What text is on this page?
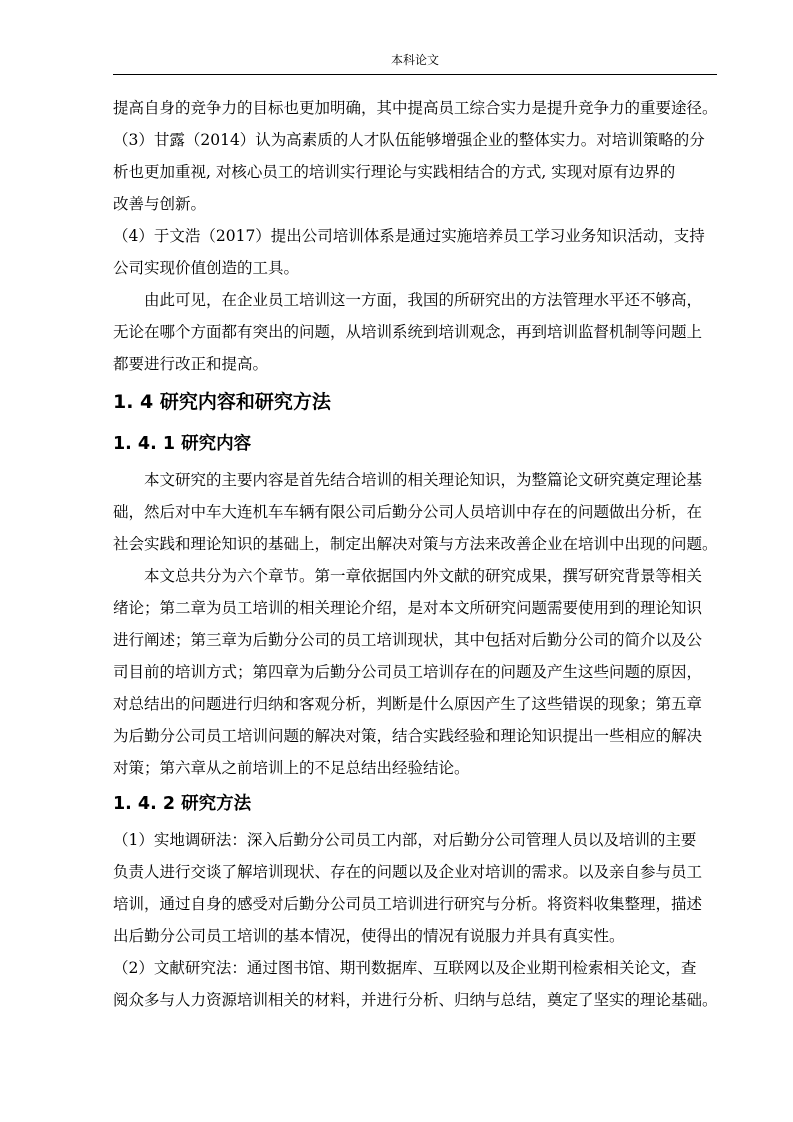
本科论文
提高自身的竞争力的目标也更加明确，其中提高员工综合实力是提升竞争力的重要途径。
（3）甘露（2014）认为高素质的人才队伍能够增强企业的整体实力。对培训策略的分
析也更加重视, 对核心员工的培训实行理论与实践相结合的方式, 实现对原有边界的
改善与创新。
（4）于文浩（2017）提出公司培训体系是通过实施培养员工学习业务知识活动，支持
公司实现价值创造的工具。
由此可见，在企业员工培训这一方面，我国的所研究出的方法管理水平还不够高，
无论在哪个方面都有突出的问题，从培训系统到培训观念，再到培训监督机制等问题上
都要进行改正和提高。
1. 4 研究内容和研究方法
1. 4. 1 研究内容
本文研究的主要内容是首先结合培训的相关理论知识，为整篇论文研究奠定理论基
础，然后对中车大连机车车辆有限公司后勤分公司人员培训中存在的问题做出分析，在
社会实践和理论知识的基础上，制定出解决对策与方法来改善企业在培训中出现的问题。
本文总共分为六个章节。第一章依据国内外文献的研究成果，撰写研究背景等相关
绪论；第二章为员工培训的相关理论介绍，是对本文所研究问题需要使用到的理论知识
进行阐述；第三章为后勤分公司的员工培训现状，其中包括对后勤分公司的简介以及公
司目前的培训方式；第四章为后勤分公司员工培训存在的问题及产生这些问题的原因，
对总结出的问题进行归纳和客观分析，判断是什么原因产生了这些错误的现象；第五章
为后勤分公司员工培训问题的解决对策，结合实践经验和理论知识提出一些相应的解决
对策；第六章从之前培训上的不足总结出经验结论。
1. 4. 2 研究方法
（1）实地调研法：深入后勤分公司员工内部，对后勤分公司管理人员以及培训的主要
负责人进行交谈了解培训现状、存在的问题以及企业对培训的需求。以及亲自参与员工
培训，通过自身的感受对后勤分公司员工培训进行研究与分析。将资料收集整理，描述
出后勤分公司员工培训的基本情况，使得出的情况有说服力并具有真实性。
（2）文献研究法：通过图书馆、期刊数据库、互联网以及企业期刊检索相关论文，查
阅众多与人力资源培训相关的材料，并进行分析、归纳与总结，奠定了坚实的理论基础。
